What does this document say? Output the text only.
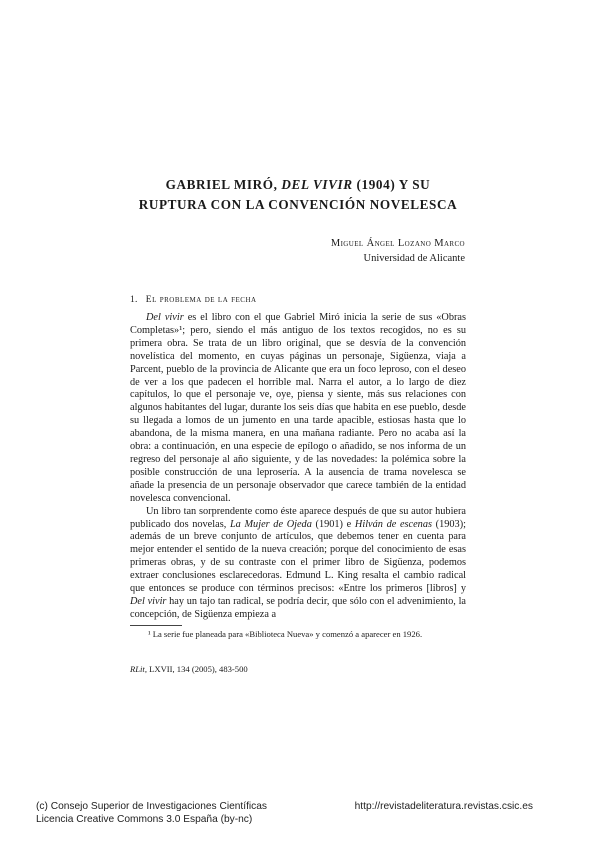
GABRIEL MIRÓ, DEL VIVIR (1904) Y SU
RUPTURA CON LA CONVENCIÓN NOVELESCA
Miguel Ángel Lozano Marco
Universidad de Alicante
1. El problema de la fecha

Del vivir es el libro con el que Gabriel Miró inicia la serie de sus «Obras Completas»¹; pero, siendo el más antiguo de los textos recogidos, no es su primera obra. Se trata de un libro original, que se desvía de la convención novelística del momento, en cuyas páginas un personaje, Sigüenza, viaja a Parcent, pueblo de la provincia de Alicante que era un foco leproso, con el deseo de ver a los que padecen el horrible mal. Narra el autor, a lo largo de diez capítulos, lo que el personaje ve, oye, piensa y siente, más sus relaciones con algunos habitantes del lugar, durante los seis días que habita en ese pueblo, desde su llegada a lomos de un jumento en una tarde apacible, estiosas hasta que lo abandona, de la misma manera, en una mañana radiante. Pero no acaba así la obra: a continuación, en una especie de epílogo o añadido, se nos informa de un regreso del personaje al año siguiente, y de las novedades: la polémica sobre la posible construcción de una leprosería. A la ausencia de trama novelesca se añade la presencia de un personaje observador que carece también de la entidad novelesca convencional.

Un libro tan sorprendente como éste aparece después de que su autor hubiera publicado dos novelas, La Mujer de Ojeda (1901) e Hilván de escenas (1903); además de un breve conjunto de artículos, que debemos tener en cuenta para mejor entender el sentido de la nueva creación; porque del conocimiento de esas primeras obras, y de su contraste con el primer libro de Sigüenza, podemos extraer conclusiones esclarecedoras. Edmund L. King resalta el cambio radical que entonces se produce con términos precisos: «Entre los primeros [libros] y Del vivir hay un tajo tan radical, se podría decir, que sólo con el advenimiento, la concepción, de Sigüenza empieza a

¹ La serie fue planeada para «Biblioteca Nueva» y comenzó a aparecer en 1926.
RLit, LXVII, 134 (2005), 483-500
(c) Consejo Superior de Investigaciones Científicas
Licencia Creative Commons 3.0 España (by-nc)
http://revistadeliteratura.revistas.csic.es
